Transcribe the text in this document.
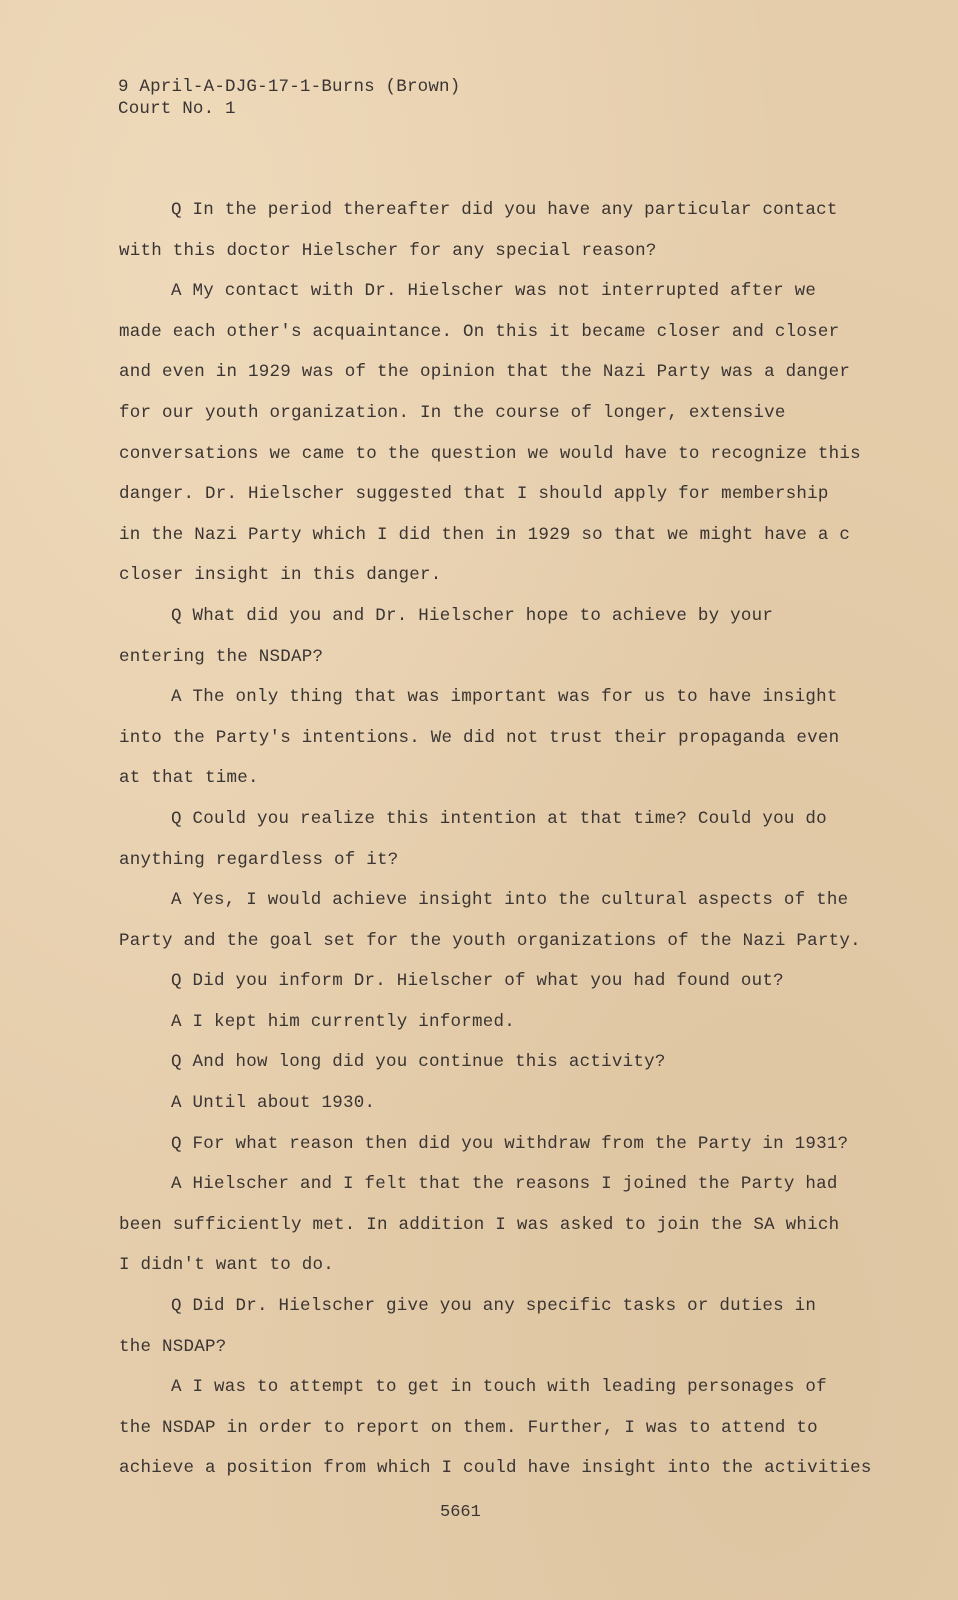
9 April-A-DJG-17-1-Burns (Brown)
Court No. 1
Q In the period thereafter did you have any particular contact
with this doctor Hielscher for any special reason?
A My contact with Dr. Hielscher was not interrupted after we
made each other's acquaintance. On this it became closer and closer
and even in 1929 was of the opinion that the Nazi Party was a danger
for our youth organization. In the course of longer, extensive
conversations we came to the question we would have to recognize this
danger. Dr. Hielscher suggested that I should apply for membership
in the Nazi Party which I did then in 1929 so that we might have a c
closer insight in this danger.
Q What did you and Dr. Hielscher hope to achieve by your
entering the NSDAP?
A The only thing that was important was for us to have insight
into the Party's intentions. We did not trust their propaganda even
at that time.
Q Could you realize this intention at that time? Could you do
anything regardless of it?
A Yes, I would achieve insight into the cultural aspects of the
Party and the goal set for the youth organizations of the Nazi Party.
Q Did you inform Dr. Hielscher of what you had found out?
A I kept him currently informed.
Q And how long did you continue this activity?
A Until about 1930.
Q For what reason then did you withdraw from the Party in 1931?
A Hielscher and I felt that the reasons I joined the Party had
been sufficiently met. In addition I was asked to join the SA which
I didn't want to do.
Q Did Dr. Hielscher give you any specific tasks or duties in
the NSDAP?
A I was to attempt to get in touch with leading personages of
the NSDAP in order to report on them. Further, I was to attend to
achieve a position from which I could have insight into the activities
5661
